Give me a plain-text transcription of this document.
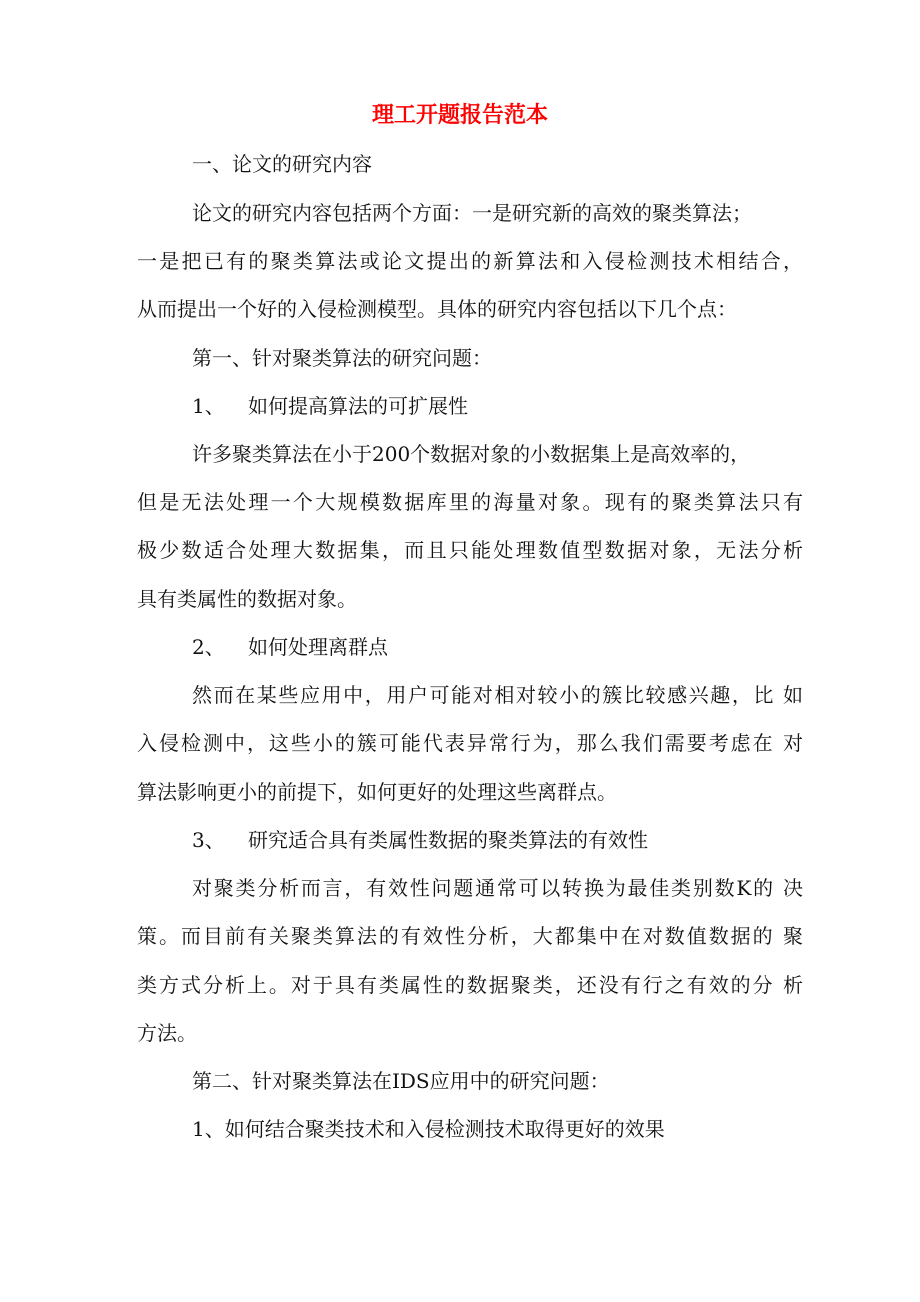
理工开题报告范本
一、论文的研究内容
论文的研究内容包括两个方面：一是研究新的高效的聚类算法；
一是把已有的聚类算法或论文提出的新算法和入侵检测技术相结合，
从而提出一个好的入侵检测模型。具体的研究内容包括以下几个点：
第一、针对聚类算法的研究问题：
1、 如何提高算法的可扩展性
许多聚类算法在小于200个数据对象的小数据集上是高效率的，
但是无法处理一个大规模数据库里的海量对象。现有的聚类算法只有
极少数适合处理大数据集，而且只能处理数值型数据对象，无法分析
具有类属性的数据对象。
2、 如何处理离群点
然而在某些应用中，用户可能对相对较小的簇比较感兴趣，比 如
入侵检测中，这些小的簇可能代表异常行为，那么我们需要考虑在 对
算法影响更小的前提下，如何更好的处理这些离群点。
3、 研究适合具有类属性数据的聚类算法的有效性
对聚类分析而言，有效性问题通常可以转换为最佳类别数K的 决
策。而目前有关聚类算法的有效性分析，大都集中在对数值数据的 聚
类方式分析上。对于具有类属性的数据聚类，还没有行之有效的分 析
方法。
第二、针对聚类算法在IDS应用中的研究问题：
1、如何结合聚类技术和入侵检测技术取得更好的效果
